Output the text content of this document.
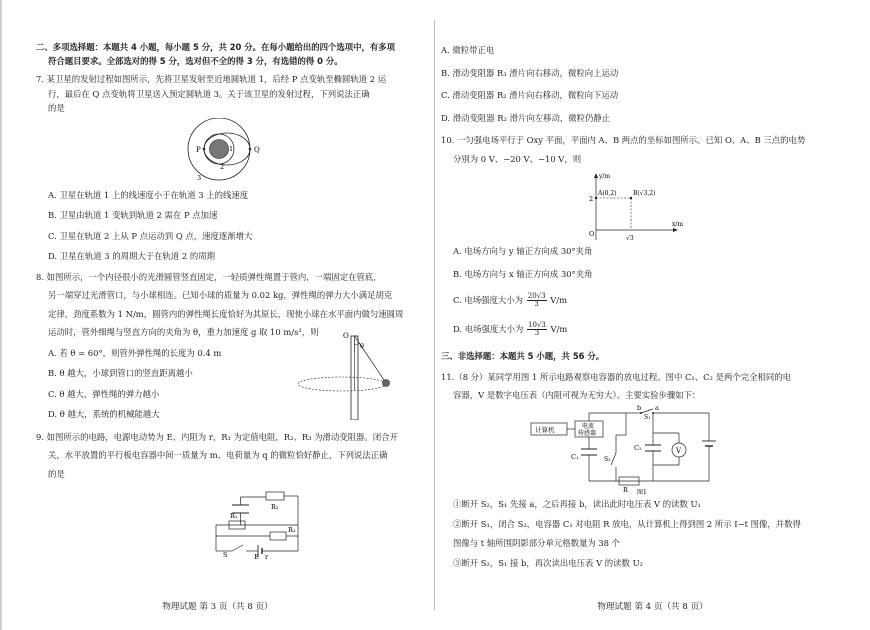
二、多项选择题：本题共 4 小题，每小题 5 分，共 20 分。在每小题给出的四个选项中，有多项

符合题目要求。全部选对的得 5 分，选对但不全的得 3 分，有选错的得 0 分。

7. 某卫星的发射过程如图所示，先将卫星发射至近地圆轨道 1，后经 P 点变轨至椭圆轨道 2 运

行，最后在 Q 点变轨将卫星送入预定圆轨道 3。关于该卫星的发射过程，下列说法正确

的是

P	Q
1
2
3

A. 卫星在轨道 1 上的线速度小于在轨道 3 上的线速度

B. 卫星由轨道 1 变轨到轨道 2 需在 P 点加速

C. 卫星在轨道 2 上从 P 点运动到 Q 点，速度逐渐增大

D. 卫星在轨道 3 的周期大于在轨道 2 的周期

8. 如图所示，一个内径很小的光滑圆管竖直固定，一轻质弹性绳置于管内，一端固定在管底，

另一端穿过光滑管口，与小球相连。已知小球的质量为 0.02 kg，弹性绳的弹力大小满足胡克

定律，劲度系数为 1 N/m，圆管内的弹性绳长度恰好为其原长，现使小球在水平面内做匀速圆周

运动时，管外细绳与竖直方向的夹角为 θ，重力加速度 g 取 10 m/s²，则

A. 若 θ = 60°，则管外弹性绳的长度为 0.4 m

B. θ 越大，小球到管口的竖直距离越小

C. θ 越大，弹性绳的弹力越小

D. θ 越大，系统的机械能越大

O
θ

9. 如图所示的电路，电源电动势为 E、内阻为 r，R₁ 为定值电阻，R₂、R₃ 为滑动变阻器。闭合开

关，水平放置的平行板电容器中间一质量为 m、电荷量为 q 的微粒恰好静止，下列说法正确

的是

R₂
R₁
R₃
S	E r
物理试题 第 3 页（共 8 页）

A. 微粒带正电

B. 滑动变阻器 R₃ 滑片向右移动，微粒向上运动

C. 滑动变阻器 R₂ 滑片向右移动，微粒向下运动

D. 滑动变阻器 R₂ 滑片向左移动，微粒仍静止

10. 一匀强电场平行于 Oxy 平面，平面内 A、B 两点的坐标如图所示。已知 O、A、B 三点的电势

分别为 0 V、−20 V、−10 V，则

y/m
x/m
O
2
√3
A(0,2)	B(√3,2)

A. 电场方向与 y 轴正方向成 30°夹角

B. 电场方向与 x 轴正方向成 30°夹角

C. 电场强度大小为 $\frac{20√3}{3} V/m$

D. 电场强度大小为 $\frac{10√3}{3} V/m$

三、非选择题：本题共 5 小题，共 56 分。

11.（8 分）某同学用图 1 所示电路观察电容器的放电过程。图中 C₁、C₂ 是两个完全相同的电

容器，V 是数字电压表（内阻可视为无穷大）。主要实验步骤如下：

计算机	电流
传感器
C₁	S₂
R
b a
S₁
C₂	V
图1

①断开 S₂，S₁ 先接 a，之后再接 b，读出此时电压表 V 的读数 U₁

②断开 S₁，闭合 S₂，电容器 C₁ 对电阻 R 放电，从计算机上得到图 2 所示 I−t 图像，并数得

图像与 t 轴所围阴影部分单元格数量为 38 个

③断开 S₂，S₁ 接 b，再次读出电压表 V 的读数 U₂

物理试题 第 4 页（共 8 页）
